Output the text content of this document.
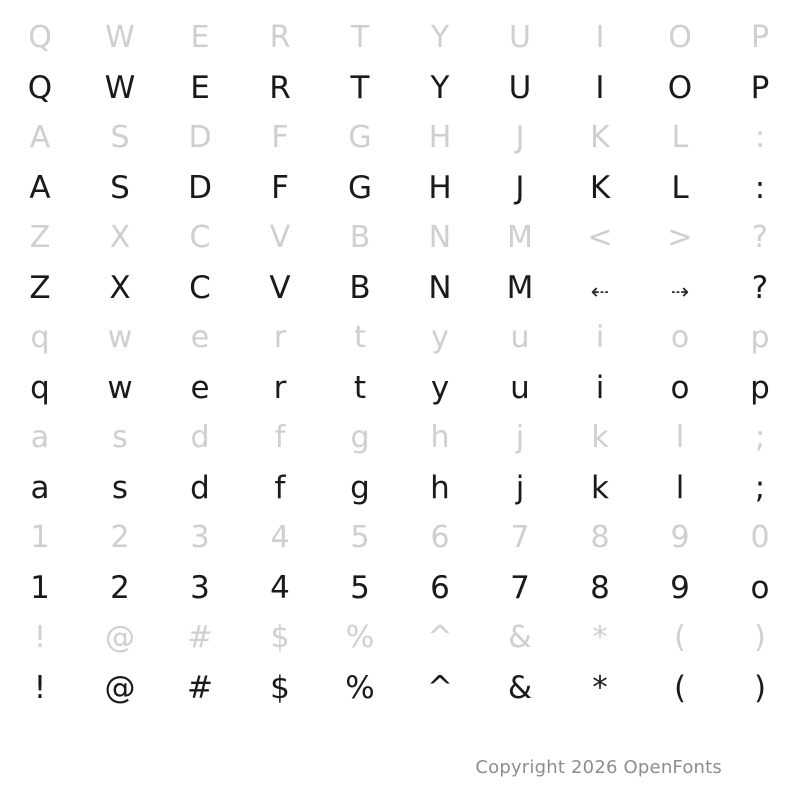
Q	W	E	R	T	Y	U	I	O	P
Q	W	E	R	T	Y	U	I	O	P
A	S	D	F	G	H	J	K	L	:
A	S	D	F	G	H	J	K	L	:
Z	X	C	V	B	N	M	<	>	?
Z	X	C	V	B	N	M	⇠	⇢	?
q	w	e	r	t	y	u	i	o	p
q	w	e	r	t	y	u	i	o	p
a	s	d	f	g	h	j	k	l	;
a	s	d	f	g	h	j	k	l	;
1	2	3	4	5	6	7	8	9	0
1	2	3	4	5	6	7	8	9	o
!	@	#	$	%	^	&	*	(	)
!	@	#	$	%	^	&	*	(	)
Copyright 2026 OpenFonts
